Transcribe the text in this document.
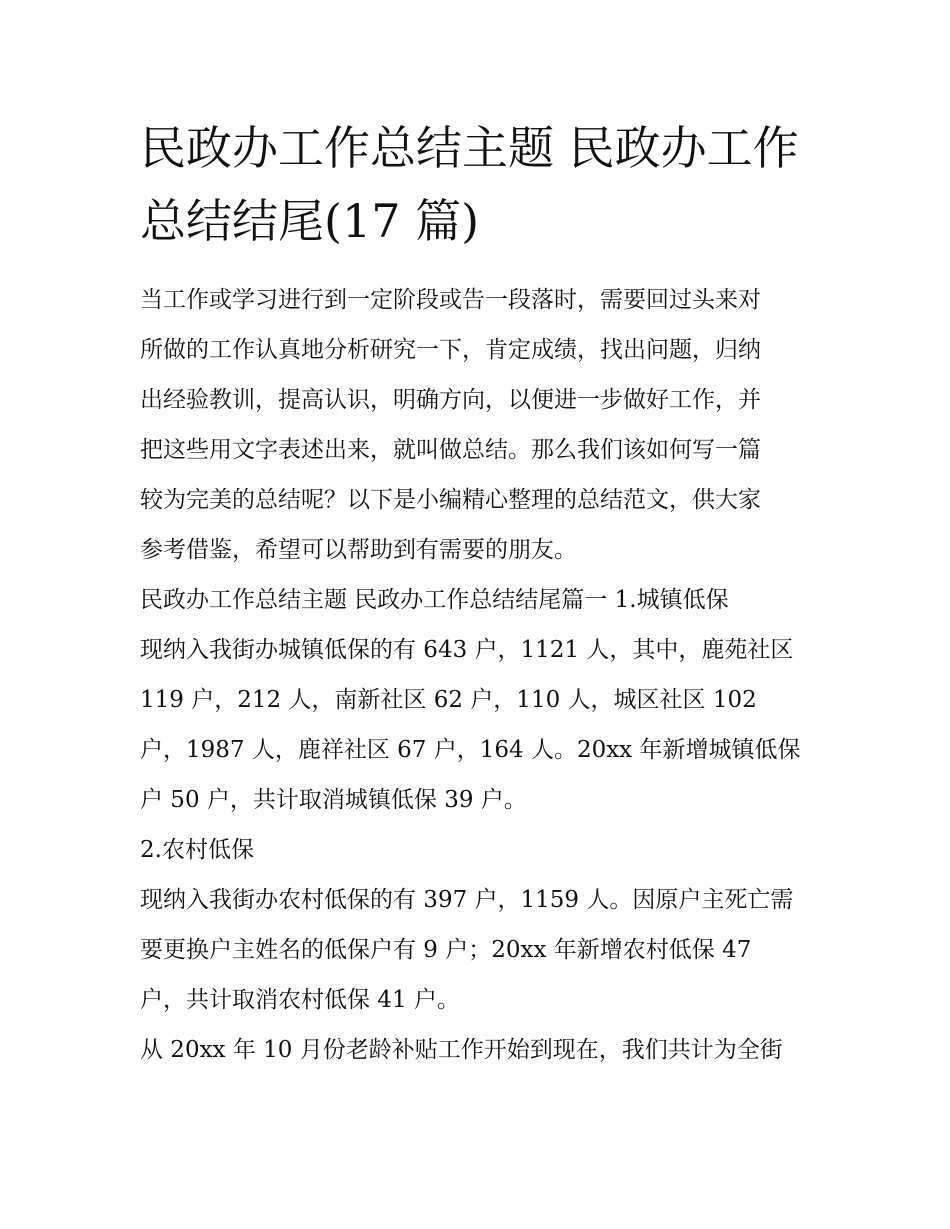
民政办工作总结主题 民政办工作总结结尾(17 篇)

当工作或学习进行到一定阶段或告一段落时，需要回过头来对

所做的工作认真地分析研究一下，肯定成绩，找出问题，归纳

出经验教训，提高认识，明确方向，以便进一步做好工作，并

把这些用文字表述出来，就叫做总结。那么我们该如何写一篇

较为完美的总结呢？以下是小编精心整理的总结范文，供大家

参考借鉴，希望可以帮助到有需要的朋友。

民政办工作总结主题 民政办工作总结结尾篇一 1.城镇低保

现纳入我街办城镇低保的有 643 户，1121 人，其中，鹿苑社区

119 户，212 人，南新社区 62 户，110 人，城区社区 102

户，1987 人，鹿祥社区 67 户，164 人。20xx 年新增城镇低保

户 50 户，共计取消城镇低保 39 户。

2.农村低保

现纳入我街办农村低保的有 397 户，1159 人。因原户主死亡需

要更换户主姓名的低保户有 9 户；20xx 年新增农村低保 47

户，共计取消农村低保 41 户。

从 20xx 年 10 月份老龄补贴工作开始到现在，我们共计为全街
